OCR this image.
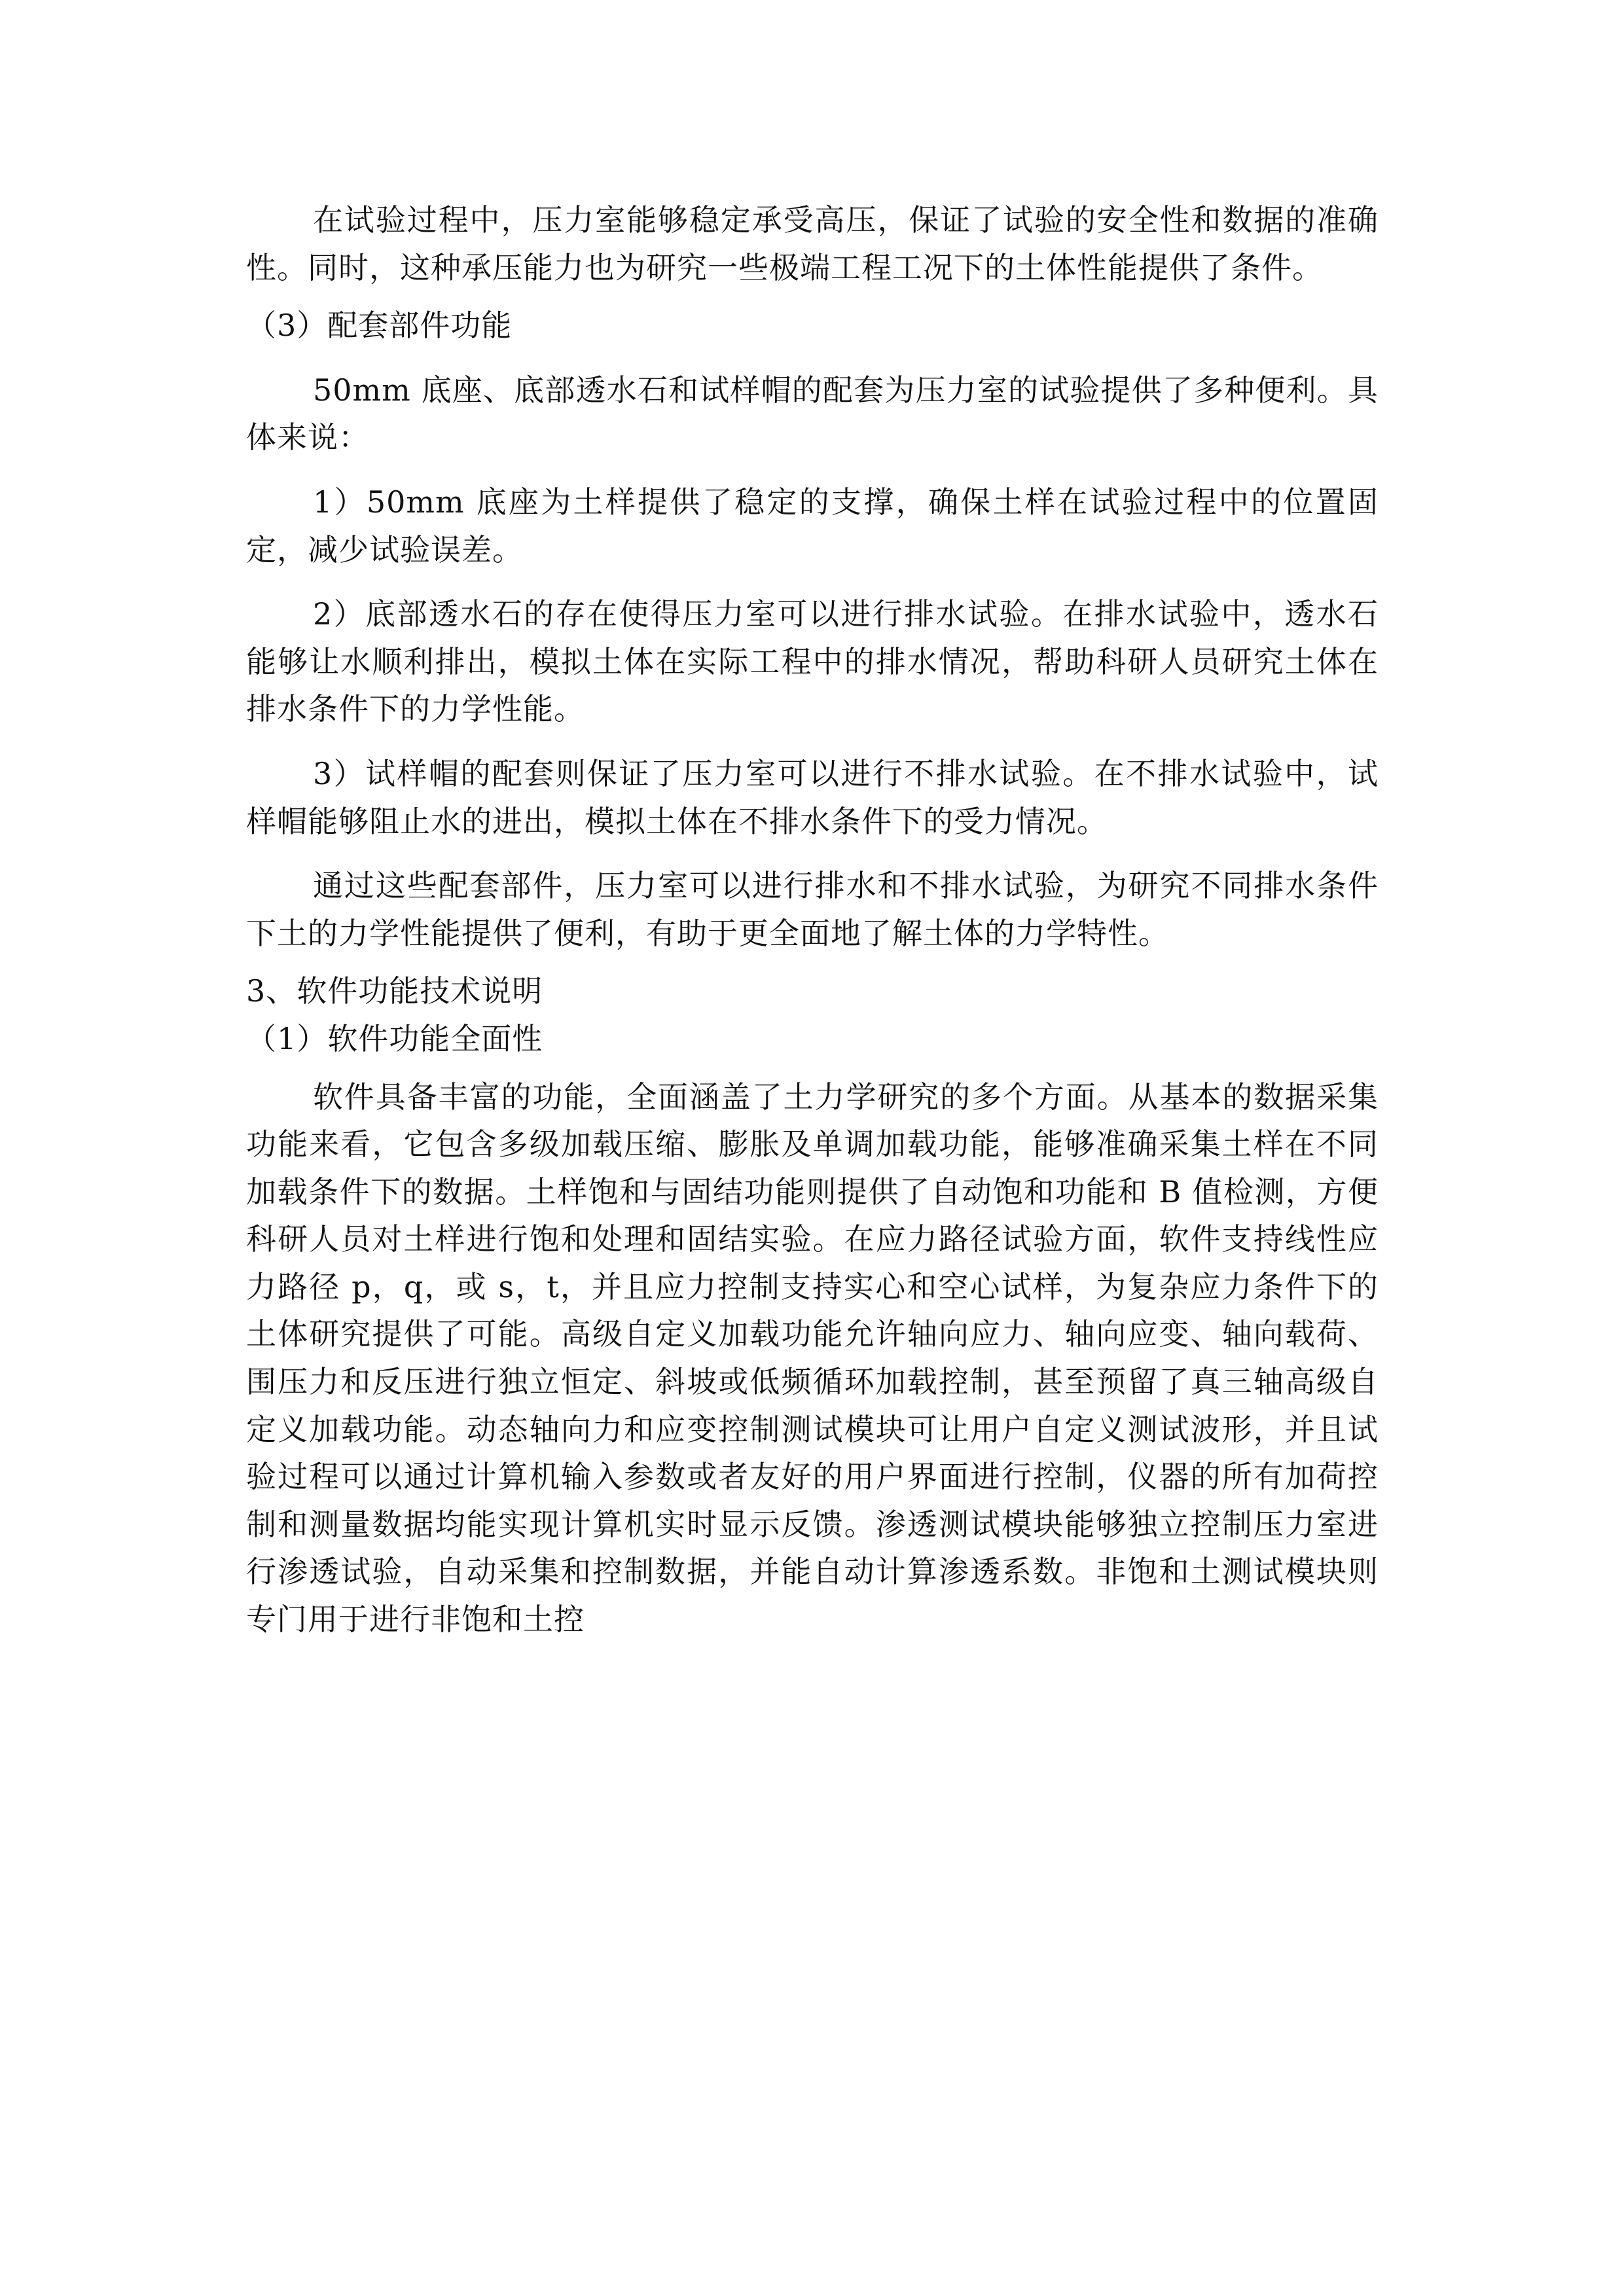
在试验过程中，压力室能够稳定承受高压，保证了试验的安全性和数据的准确性。同时，这种承压能力也为研究一些极端工程工况下的土体性能提供了条件。

（3）配套部件功能

50mm 底座、底部透水石和试样帽的配套为压力室的试验提供了多种便利。具体来说：

1）50mm 底座为土样提供了稳定的支撑，确保土样在试验过程中的位置固定，减少试验误差。

2）底部透水石的存在使得压力室可以进行排水试验。在排水试验中，透水石能够让水顺利排出，模拟土体在实际工程中的排水情况，帮助科研人员研究土体在排水条件下的力学性能。

3）试样帽的配套则保证了压力室可以进行不排水试验。在不排水试验中，试样帽能够阻止水的进出，模拟土体在不排水条件下的受力情况。

通过这些配套部件，压力室可以进行排水和不排水试验，为研究不同排水条件下土的力学性能提供了便利，有助于更全面地了解土体的力学特性。

3、软件功能技术说明

（1）软件功能全面性

软件具备丰富的功能，全面涵盖了土力学研究的多个方面。从基本的数据采集功能来看，它包含多级加载压缩、膨胀及单调加载功能，能够准确采集土样在不同加载条件下的数据。土样饱和与固结功能则提供了自动饱和功能和 B 值检测，方便科研人员对土样进行饱和处理和固结实验。在应力路径试验方面，软件支持线性应力路径 p，q，或 s，t，并且应力控制支持实心和空心试样，为复杂应力条件下的土体研究提供了可能。高级自定义加载功能允许轴向应力、轴向应变、轴向载荷、围压力和反压进行独立恒定、斜坡或低频循环加载控制，甚至预留了真三轴高级自定义加载功能。动态轴向力和应变控制测试模块可让用户自定义测试波形，并且试验过程可以通过计算机输入参数或者友好的用户界面进行控制，仪器的所有加荷控制和测量数据均能实现计算机实时显示反馈。渗透测试模块能够独立控制压力室进行渗透试验，自动采集和控制数据，并能自动计算渗透系数。非饱和土测试模块则专门用于进行非饱和土控
